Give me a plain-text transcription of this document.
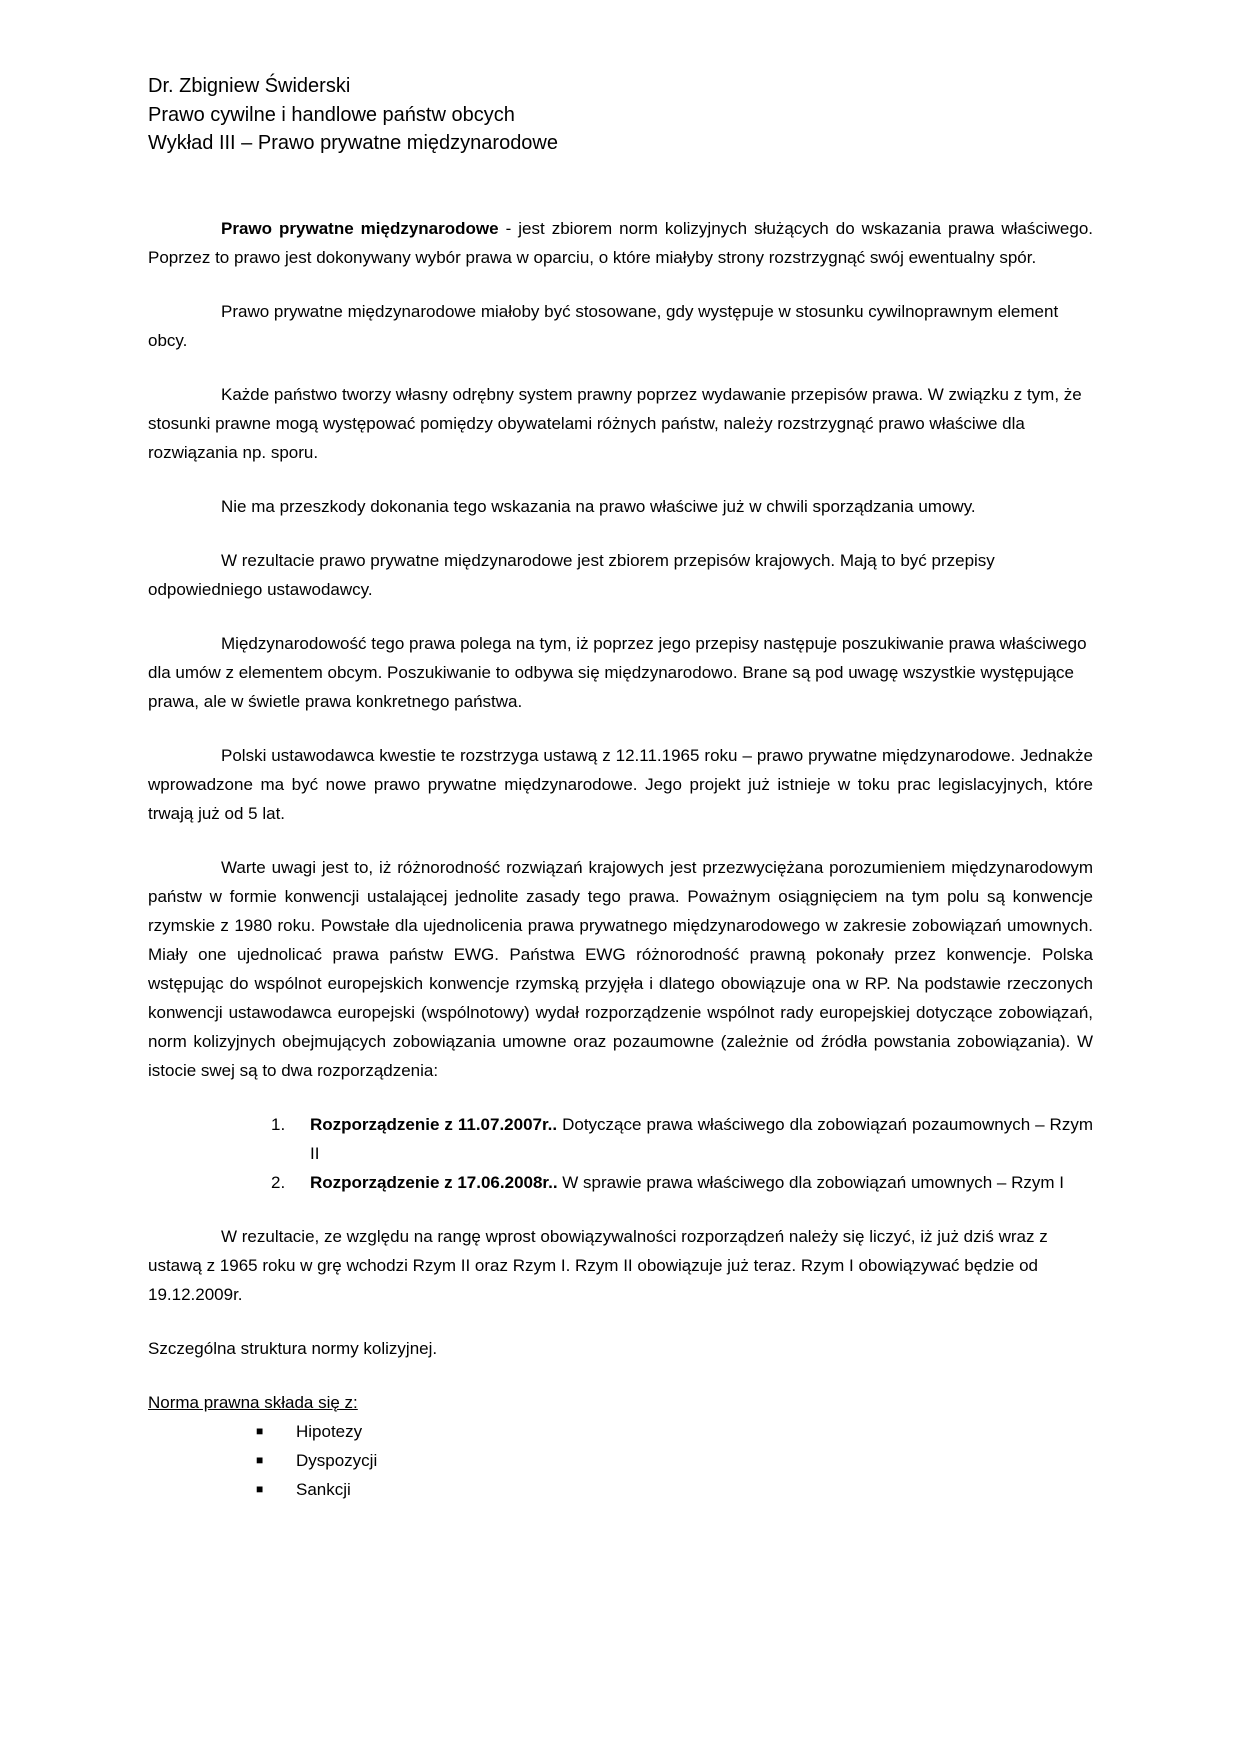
Dr. Zbigniew Świderski
Prawo cywilne i handlowe państw obcych
Wykład III – Prawo prywatne międzynarodowe

Prawo prywatne międzynarodowe - jest zbiorem norm kolizyjnych służących do wskazania prawa właściwego. Poprzez to prawo jest dokonywany wybór prawa w oparciu, o które miałyby strony rozstrzygnąć swój ewentualny spór.

Prawo prywatne międzynarodowe miałoby być stosowane, gdy występuje w stosunku cywilnoprawnym element obcy.

Każde państwo tworzy własny odrębny system prawny poprzez wydawanie przepisów prawa. W związku z tym, że stosunki prawne mogą występować pomiędzy obywatelami różnych państw, należy rozstrzygnąć prawo właściwe dla rozwiązania np. sporu.

Nie ma przeszkody dokonania tego wskazania na prawo właściwe już w chwili sporządzania umowy.

W rezultacie prawo prywatne międzynarodowe jest zbiorem przepisów krajowych. Mają to być przepisy odpowiedniego ustawodawcy.

Międzynarodowość tego prawa polega na tym, iż poprzez jego przepisy następuje poszukiwanie prawa właściwego dla umów z elementem obcym. Poszukiwanie to odbywa się międzynarodowo. Brane są pod uwagę wszystkie występujące prawa, ale w świetle prawa konkretnego państwa.

Polski ustawodawca kwestie te rozstrzyga ustawą z 12.11.1965 roku – prawo prywatne międzynarodowe. Jednakże wprowadzone ma być nowe prawo prywatne międzynarodowe. Jego projekt już istnieje w toku prac legislacyjnych, które trwają już od 5 lat.

Warte uwagi jest to, iż różnorodność rozwiązań krajowych jest przezwyciężana porozumieniem międzynarodowym państw w formie konwencji ustalającej jednolite zasady tego prawa. Poważnym osiągnięciem na tym polu są konwencje rzymskie z 1980 roku. Powstałe dla ujednolicenia prawa prywatnego międzynarodowego w zakresie zobowiązań umownych. Miały one ujednolicać prawa państw EWG. Państwa EWG różnorodność prawną pokonały przez konwencje. Polska wstępując do wspólnot europejskich konwencje rzymską przyjęła i dlatego obowiązuje ona w RP. Na podstawie rzeczonych konwencji ustawodawca europejski (wspólnotowy) wydał rozporządzenie wspólnot rady europejskiej dotyczące zobowiązań, norm kolizyjnych obejmujących zobowiązania umowne oraz pozaumowne (zależnie od źródła powstania zobowiązania). W istocie swej są to dwa rozporządzenia:

1. Rozporządzenie z 11.07.2007r.. Dotyczące prawa właściwego dla zobowiązań pozaumownych – Rzym II
2. Rozporządzenie z 17.06.2008r.. W sprawie prawa właściwego dla zobowiązań umownych – Rzym I

W rezultacie, ze względu na rangę wprost obowiązywalności rozporządzeń należy się liczyć, iż już dziś wraz z ustawą z 1965 roku w grę wchodzi Rzym II oraz Rzym I. Rzym II obowiązuje już teraz. Rzym I obowiązywać będzie od 19.12.2009r.

Szczególna struktura normy kolizyjnej.

Norma prawna składa się z:

■ Hipotezy
■ Dyspozycji
■ Sankcji
